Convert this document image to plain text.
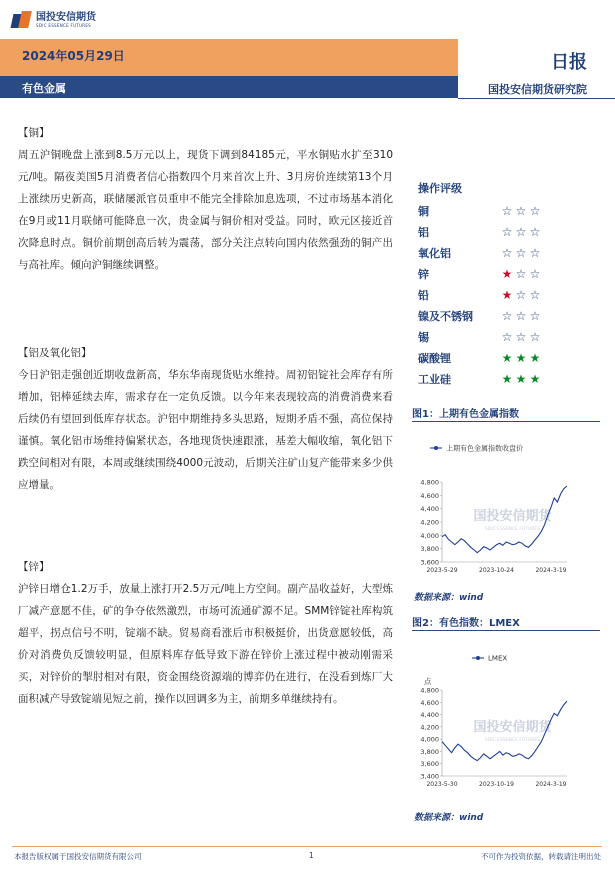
国投安信期货
SDIC ESSENCE FUTURES
2024年05月29日
有色金属
日报
国投安信期货研究院
【铜】
周五沪铜晚盘上涨到8.5万元以上，现货下调到84185元，平水铜贴水扩至310元/吨。隔夜美国5月消费者信心指数四个月来首次上升、3月房价连续第13个月上涨续历史新高，联储屡派官员重申不能完全排除加息选项，不过市场基本消化在9月或11月联储可能降息一次，贵金属与铜价相对受益。同时，欧元区接近首次降息时点。铜价前期创高后转为震荡，部分关注点转向国内依然强劲的铜产出与高社库。倾向沪铜继续调整。
【铝及氧化铝】
今日沪铝走强创近期收盘新高，华东华南现货贴水维持。周初铝锭社会库存有所增加，铝棒延续去库，需求存在一定负反馈。以今年来表现较高的消费消费来看后续仍有望回到低库存状态。沪铝中期维持多头思路，短期矛盾不强，高位保持谨慎。氧化铝市场维持偏紧状态，各地现货快速跟涨，基差大幅收缩，氧化铝下跌空间相对有限，本周或继续围绕4000元波动，后期关注矿山复产能带来多少供应增量。
【锌】
沪锌日增仓1.2万手，放量上涨打开2.5万元/吨上方空间。副产品收益好，大型炼厂减产意愿不佳，矿的争夺依然激烈，市场可流通矿源不足。SMM锌锭社库构筑超平，拐点信号不明，锭端不缺。贸易商看涨后市积极挺价，出货意愿较低，高价对消费负反馈较明显，但原料库存低导致下游在锌价上涨过程中被动刚需采买，对锌价的掣肘相对有限，资金围绕资源端的博弈仍在进行，在没看到炼厂大面积减产导致锭端见短之前，操作以回调多为主，前期多单继续持有。
操作评级
铜	☆ ☆ ☆
铝	☆ ☆ ☆
氧化铝	☆ ☆ ☆
锌	★ ☆ ☆
铅	★ ☆ ☆
镍及不锈钢	☆ ☆ ☆
锡	☆ ☆ ☆
碳酸锂	★ ★ ★
工业硅	★ ★ ★
图1：上期有色金属指数
国投安信期货
SDIC ESSENCE FUTURES
3,600
3,800
4,000
4,200
4,400
4,600
4,800
2023-5-29	2023-10-24	2024-3-19
上期有色金属指数收盘价
数据来源：wind
图2：有色指数：LMEX
国投安信期货
SDIC ESSENCE FUTURES
3,400
3,600
3,800
4,000
4,200
4,400
4,600
4,800
2023-5-30	2023-10-19	2024-3-19
LMEX
点
数据来源：wind
本报告版权属于国投安信期货有限公司	1	不可作为投资依据，转载请注明出处
